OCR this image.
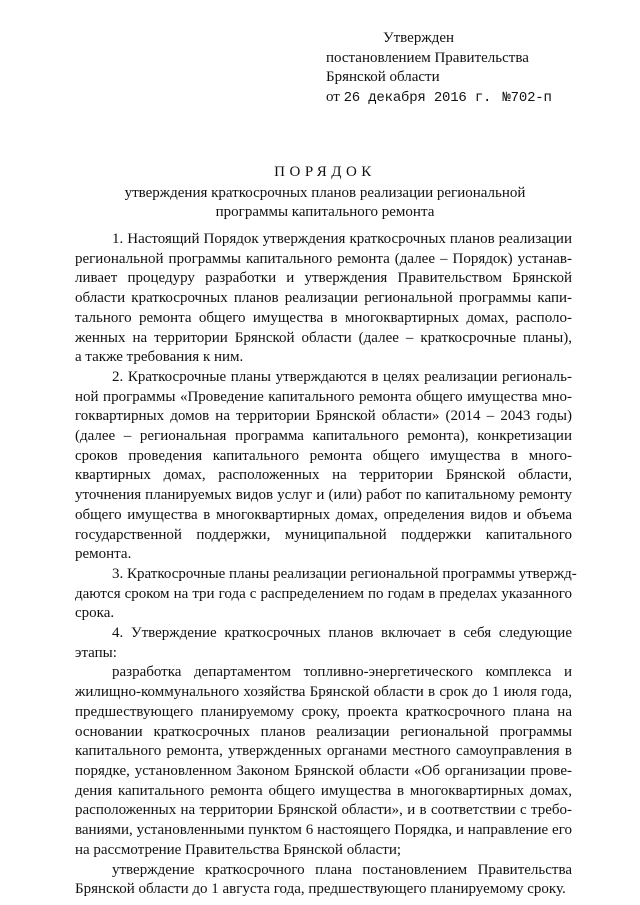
Утвержден
постановлением Правительства
Брянской области
от 26 декабря 2016 г. №702-п
ПОРЯДОК
утверждения краткосрочных планов реализации региональной
программы капитального ремонта
1. Настоящий Порядок утверждения краткосрочных планов реализации
региональной программы капитального ремонта (далее – Порядок) устанав-
ливает процедуру разработки и утверждения Правительством Брянской
области краткосрочных планов реализации региональной программы капи-
тального ремонта общего имущества в многоквартирных домах, располо-
женных на территории Брянской области (далее – краткосрочные планы),
а также требования к ним.
2. Краткосрочные планы утверждаются в целях реализации региональ-
ной программы «Проведение капитального ремонта общего имущества мно-
гоквартирных домов на территории Брянской области» (2014 – 2043 годы)
(далее – региональная программа капитального ремонта), конкретизации
сроков проведения капитального ремонта общего имущества в много-
квартирных домах, расположенных на территории Брянской области,
уточнения планируемых видов услуг и (или) работ по капитальному ремонту
общего имущества в многоквартирных домах, определения видов и объема
государственной поддержки, муниципальной поддержки капитального
ремонта.
3. Краткосрочные планы реализации региональной программы утвержд-
даются сроком на три года с распределением по годам в пределах указанного
срока.
4. Утверждение краткосрочных планов включает в себя следующие
этапы:
разработка департаментом топливно-энергетического комплекса и
жилищно-коммунального хозяйства Брянской области в срок до 1 июля года,
предшествующего планируемому сроку, проекта краткосрочного плана на
основании краткосрочных планов реализации региональной программы
капитального ремонта, утвержденных органами местного самоуправления в
порядке, установленном Законом Брянской области «Об организации прове-
дения капитального ремонта общего имущества в многоквартирных домах,
расположенных на территории Брянской области», и в соответствии с требо-
ваниями, установленными пунктом 6 настоящего Порядка, и направление его
на рассмотрение Правительства Брянской области;
утверждение краткосрочного плана постановлением Правительства
Брянской области до 1 августа года, предшествующего планируемому сроку.
